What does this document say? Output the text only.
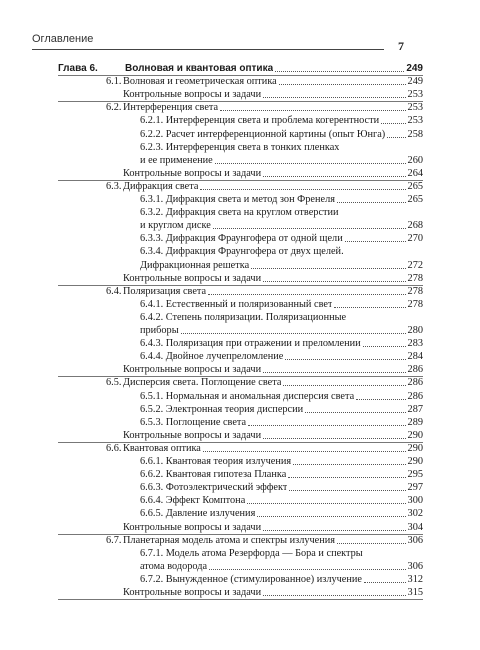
Оглавление	7
Глава 6.	Волновая и квантовая оптика	249
6.1. Волновая и геометрическая оптика	249
Контрольные вопросы и задачи	253
6.2. Интерференция света	253
6.2.1. Интерференция света и проблема когерентности	253
6.2.2. Расчет интерференционной картины (опыт Юнга) 258
6.2.3. Интерференция света в тонких пленках
и ее применение	260
Контрольные вопросы и задачи	264
6.3. Дифракция света	265
6.3.1. Дифракция света и метод зон Френеля	265
6.3.2. Дифракция света на круглом отверстии
и круглом диске	268
6.3.3. Дифракция Фраунгофера от одной щели	270
6.3.4. Дифракция Фраунгофера от двух щелей.
Дифракционная решетка	272
Контрольные вопросы и задачи	278
6.4. Поляризация света	278
6.4.1. Естественный и поляризованный свет	278
6.4.2. Степень поляризации. Поляризационные
приборы	280
6.4.3. Поляризация при отражении и преломлении	283
6.4.4. Двойное лучепреломление	284
Контрольные вопросы и задачи	286
6.5. Дисперсия света. Поглощение света	286
6.5.1. Нормальная и аномальная дисперсия света	286
6.5.2. Электронная теория дисперсии	287
6.5.3. Поглощение света	289
Контрольные вопросы и задачи	290
6.6. Квантовая оптика	290
6.6.1. Квантовая теория излучения	290
6.6.2. Квантовая гипотеза Планка	295
6.6.3. Фотоэлектрический эффект	297
6.6.4. Эффект Комптона	300
6.6.5. Давление излучения	302
Контрольные вопросы и задачи	304
6.7. Планетарная модель атома и спектры излучения	306
6.7.1. Модель атома Резерфорда — Бора и спектры
атома водорода	306
6.7.2. Вынужденное (стимулированное) излучение	312
Контрольные вопросы и задачи	315
